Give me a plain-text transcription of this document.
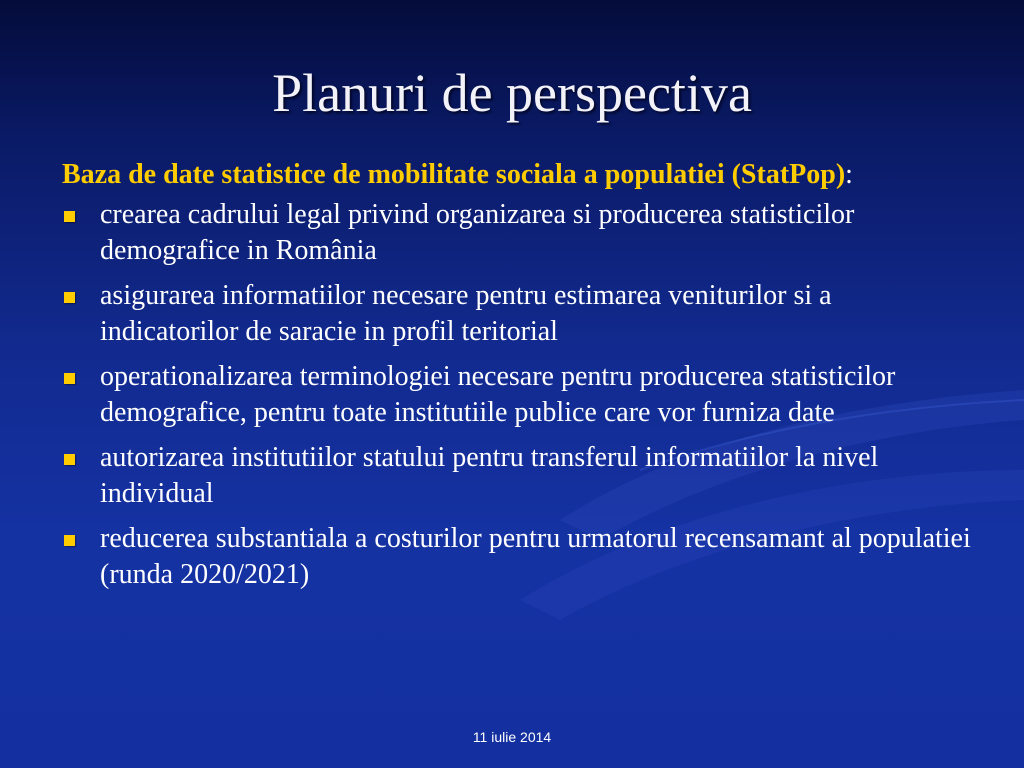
Planuri de perspectiva
Baza de date statistice de mobilitate sociala a populatiei (StatPop):
crearea cadrului legal privind organizarea si producerea statisticilor demografice in România
asigurarea informatiilor necesare pentru estimarea veniturilor si a indicatorilor de saracie in profil teritorial
operationalizarea terminologiei necesare pentru producerea statisticilor demografice, pentru toate institutiile publice care vor furniza date
autorizarea institutiilor statului pentru transferul informatiilor la nivel individual
reducerea substantiala a costurilor pentru urmatorul recensamant al populatiei (runda 2020/2021)
11 iulie 2014
